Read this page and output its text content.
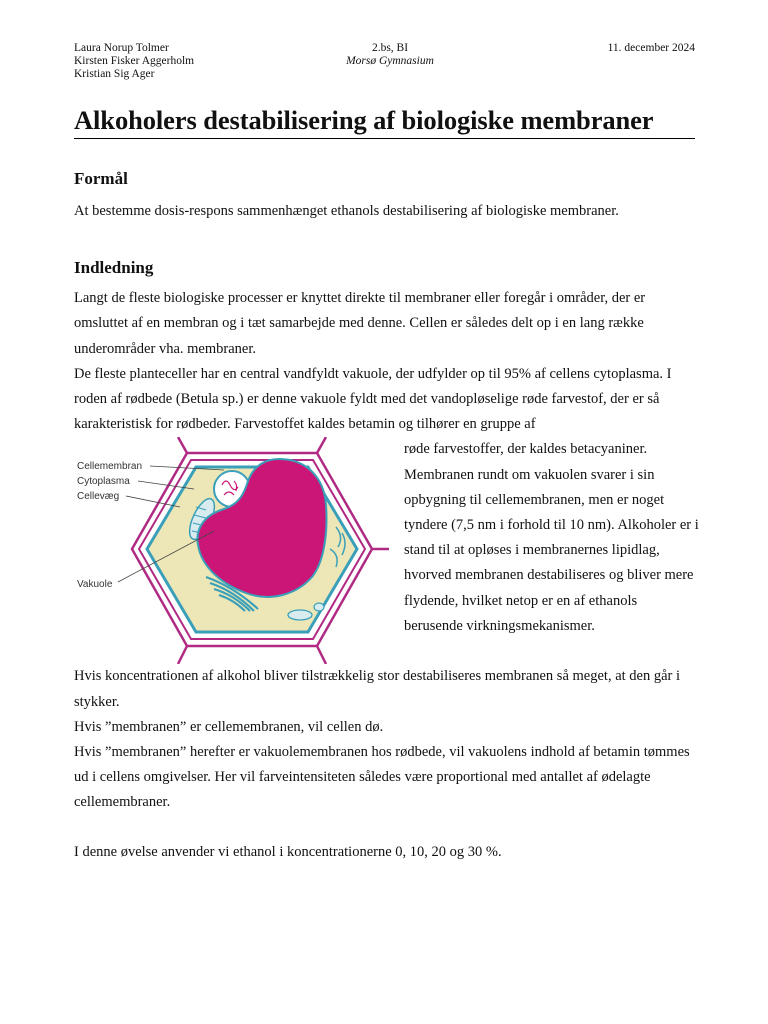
Laura Norup Tolmer
Kirsten Fisker Aggerholm
Kristian Sig Ager
2.bs, BI
Morsø Gymnasium
11. december 2024
Alkoholers destabilisering af biologiske membraner
Formål

At bestemme dosis-respons sammenhænget ethanols destabilisering af biologiske membraner.

Indledning

Langt de fleste biologiske processer er knyttet direkte til membraner eller foregår i områder, der er omsluttet af en membran og i tæt samarbejde med denne. Cellen er således delt op i en lang række underområder vha. membraner.

De fleste planteceller har en central vandfyldt vakuole, der udfylder op til 95% af cellens cytoplasma. I roden af rødbede (Betula sp.) er denne vakuole fyldt med det vandopløselige røde farvestof, der er så karakteristisk for rødbeder. Farvestoffet kaldes betamin og tilhører en gruppe af

Cellemembran
Cytoplasma
Cellevæg
Vakuole

røde farvestoffer, der kaldes betacyaniner. Membranen rundt om vakuolen svarer i sin opbygning til cellemembranen, men er noget tyndere (7,5 nm i forhold til 10 nm). Alkoholer er i stand til at opløses i membranernes lipidlag, hvorved membranen destabiliseres og bliver mere flydende, hvilket netop er en af ethanols berusende virkningsmekanismer.

Hvis koncentrationen af alkohol bliver tilstrækkelig stor destabiliseres membranen så meget, at den går i stykker.

Hvis ”membranen” er cellemembranen, vil cellen dø.

Hvis ”membranen” herefter er vakuolemembranen hos rødbede, vil vakuolens indhold af betamin tømmes ud i cellens omgivelser. Her vil farveintensiteten således være proportional med antallet af ødelagte cellemembraner.

I denne øvelse anvender vi ethanol i koncentrationerne 0, 10, 20 og 30 %.
